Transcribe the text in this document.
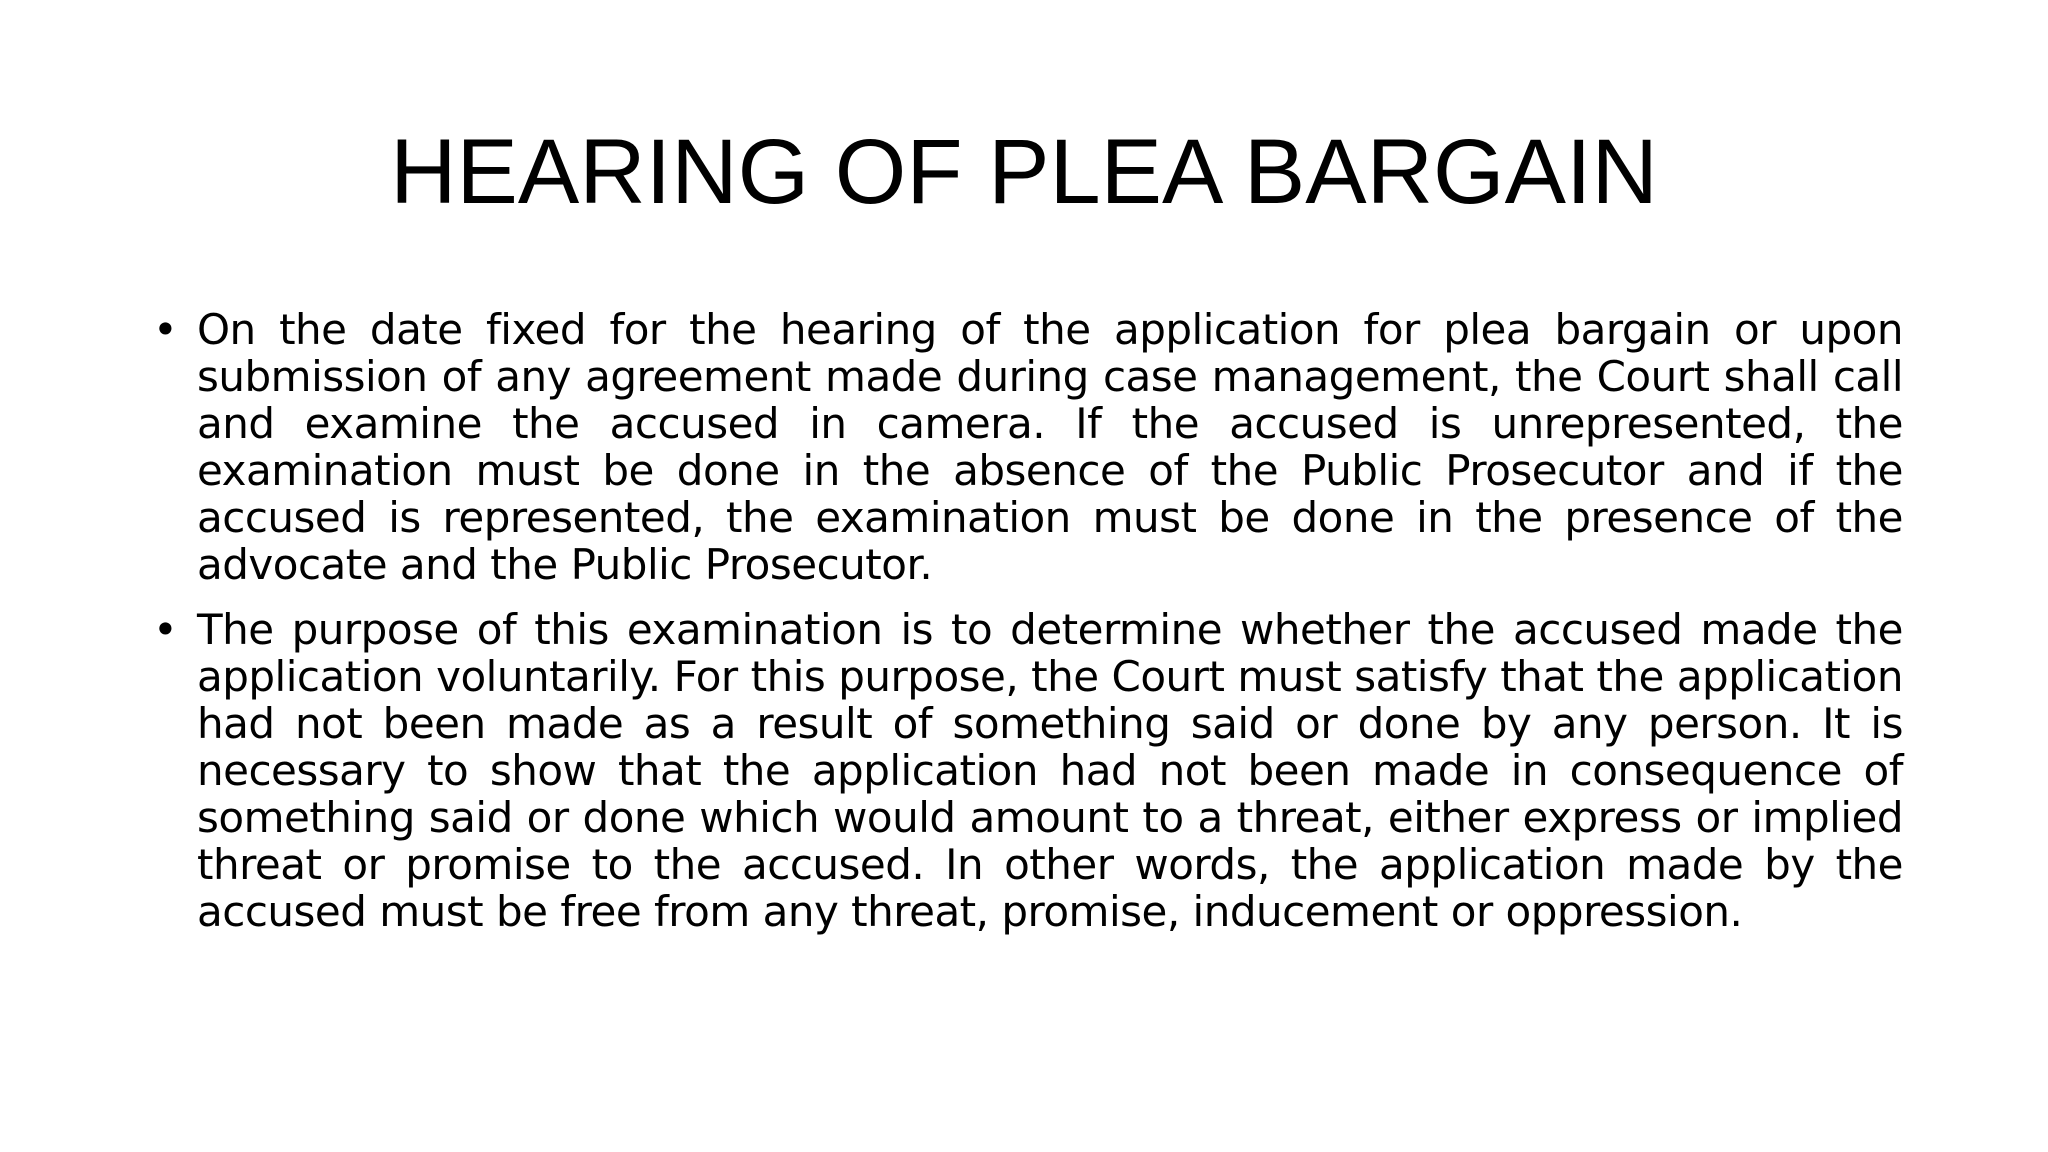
HEARING OF PLEA BARGAIN
• On the date fixed for the hearing of the application for plea bargain or upon submission of any agreement made during case management, the Court shall call and examine the accused in camera. If the accused is unrepresented, the examination must be done in the absence of the Public Prosecutor and if the accused is represented, the examination must be done in the presence of the advocate and the Public Prosecutor.
• The purpose of this examination is to determine whether the accused made the application voluntarily. For this purpose, the Court must satisfy that the application had not been made as a result of something said or done by any person. It is necessary to show that the application had not been made in consequence of something said or done which would amount to a threat, either express or implied threat or promise to the accused. In other words, the application made by the accused must be free from any threat, promise, inducement or oppression.
